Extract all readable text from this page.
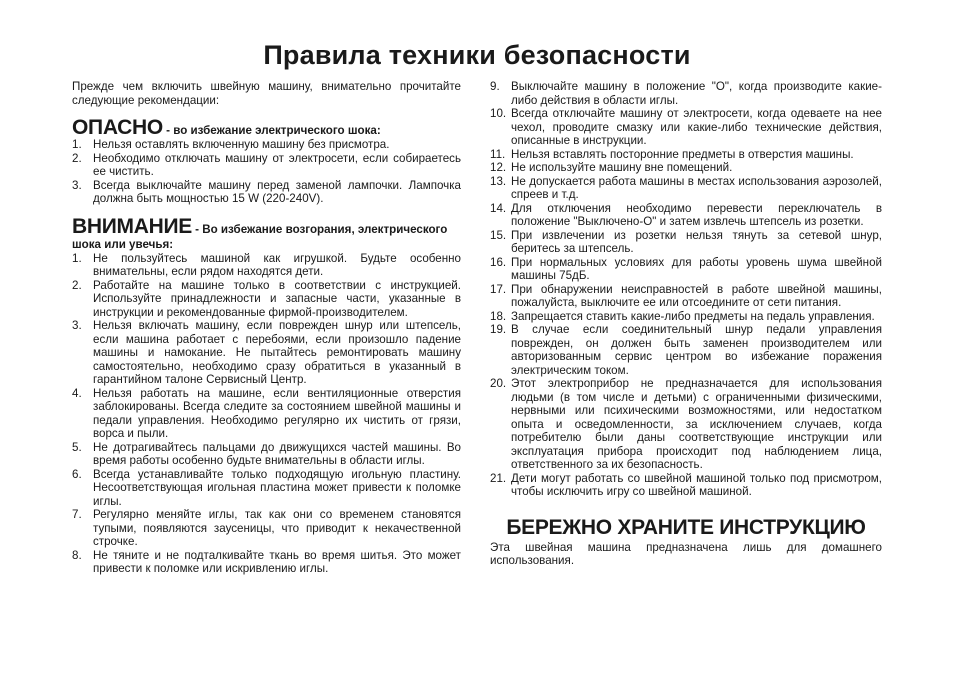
Правила техники безопасности

Прежде чем включить швейную машину, внимательно прочитайте следующие рекомендации:

ОПАСНО - во избежание электрического шока:
1. Нельзя оставлять включенную машину без присмотра.
2. Необходимо отключать машину от электросети, если собираетесь ее чистить.
3. Всегда выключайте машину перед заменой лампочки. Лампочка должна быть мощностью 15 W (220-240V).
ВНИМАНИЕ - Во избежание возгорания, электрического шока или увечья:
1. Не пользуйтесь машиной как игрушкой. Будьте особенно внимательны, если рядом находятся дети.
2. Работайте на машине только в соответствии с инструкцией. Используйте принадлежности и запасные части, указанные в инструкции и рекомендованные фирмой-производителем.
3. Нельзя включать машину, если поврежден шнур или штепсель, если машина работает с перебоями, если произошло падение машины и намокание. Не пытайтесь ремонтировать машину самостоятельно, необходимо сразу обратиться в указанный в гарантийном талоне Сервисный Центр.
4. Нельзя работать на машине, если вентиляционные отверстия заблокированы. Всегда следите за состоянием швейной машины и педали управления. Необходимо регулярно их чистить от грязи, ворса и пыли.
5. Не дотрагивайтесь пальцами до движущихся частей машины. Во время работы особенно будьте внимательны в области иглы.
6. Всегда устанавливайте только подходящую игольную пластину. Несоответствующая игольная пластина может привести к поломке иглы.
7. Регулярно меняйте иглы, так как они со временем становятся тупыми, появляются заусеницы, что приводит к некачественной строчке.
8. Не тяните и не подталкивайте ткань во время шитья. Это может привести к поломке или искривлению иглы.
9. Выключайте машину в положение "О", когда производите какие-либо действия в области иглы.
10. Всегда отключайте машину от электросети, когда одеваете на нее чехол, проводите смазку или какие-либо технические действия, описанные в инструкции.
11. Нельзя вставлять посторонние предметы в отверстия машины.
12. Не используйте машину вне помещений.
13. Не допускается работа машины в местах использования аэрозолей, спреев и т.д.
14. Для отключения необходимо перевести переключатель в положение "Выключено-О" и затем извлечь штепсель из розетки.
15. При извлечении из розетки нельзя тянуть за сетевой шнур, беритесь за штепсель.
16. При нормальных условиях для работы уровень шума швейной машины 75дБ.
17. При обнаружении неисправностей в работе швейной машины, пожалуйста, выключите ее или отсоедините от сети питания.
18. Запрещается ставить какие-либо предметы на педаль управления.
19. В случае если соединительный шнур педали управления поврежден, он должен быть заменен производителем или авторизованным сервис центром во избежание поражения электрическим током.
20. Этот электроприбор не предназначается для использования людьми (в том числе и детьми) с ограниченными физическими, нервными или психическими возможностями, или недостатком опыта и осведомленности, за исключением случаев, когда потребителю были даны соответствующие инструкции или эксплуатация прибора происходит под наблюдением лица, ответственного за их безопасность.
21. Дети могут работать со швейной машиной только под присмотром, чтобы исключить игру со швейной машиной.
БЕРЕЖНО ХРАНИТЕ ИНСТРУКЦИЮ

Эта швейная машина предназначена лишь для домашнего использования.
